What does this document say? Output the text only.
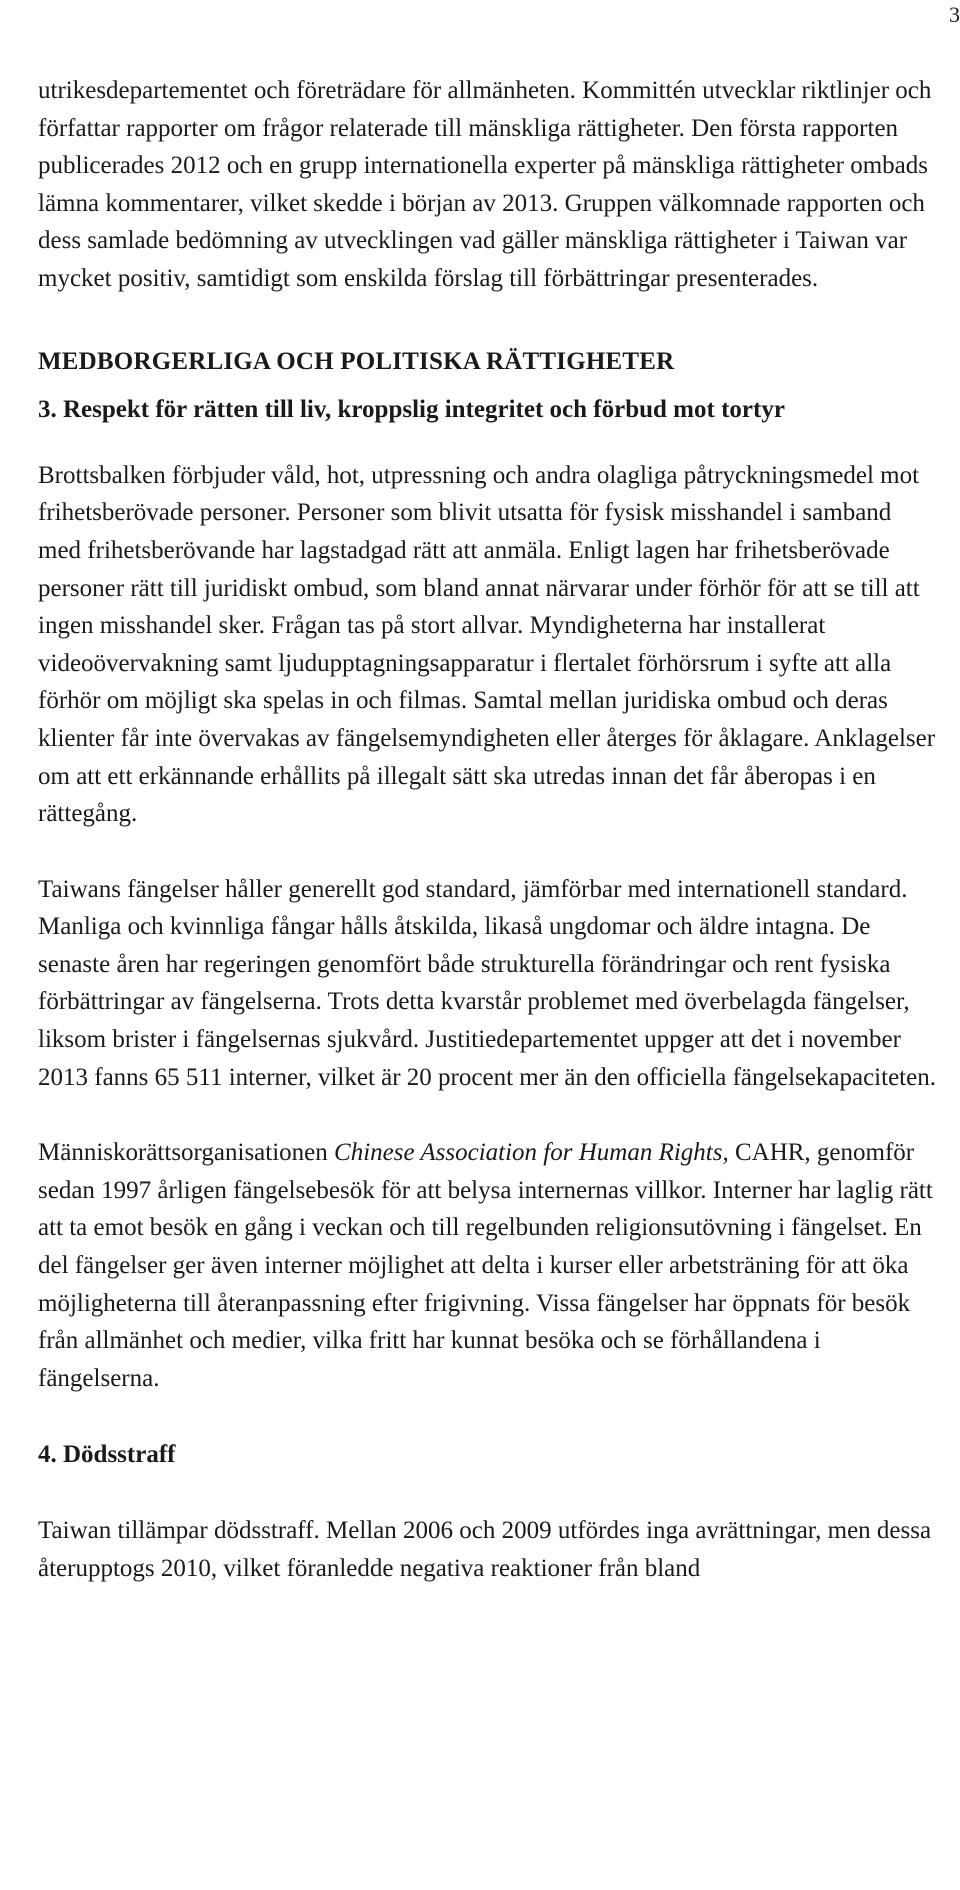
3

utrikesdepartementet och företrädare för allmänheten. Kommittén utvecklar riktlinjer och författar rapporter om frågor relaterade till mänskliga rättigheter. Den första rapporten publicerades 2012 och en grupp internationella experter på mänskliga rättigheter ombads lämna kommentarer, vilket skedde i början av 2013. Gruppen välkomnade rapporten och dess samlade bedömning av utvecklingen vad gäller mänskliga rättigheter i Taiwan var mycket positiv, samtidigt som enskilda förslag till förbättringar presenterades.

MEDBORGERLIGA OCH POLITISKA RÄTTIGHETER
3. Respekt för rätten till liv, kroppslig integritet och förbud mot tortyr

Brottsbalken förbjuder våld, hot, utpressning och andra olagliga påtryckningsmedel mot frihetsberövade personer. Personer som blivit utsatta för fysisk misshandel i samband med frihetsberövande har lagstadgad rätt att anmäla. Enligt lagen har frihetsberövade personer rätt till juridiskt ombud, som bland annat närvarar under förhör för att se till att ingen misshandel sker. Frågan tas på stort allvar. Myndigheterna har installerat videoövervakning samt ljudupptagningsapparatur i flertalet förhörsrum i syfte att alla förhör om möjligt ska spelas in och filmas. Samtal mellan juridiska ombud och deras klienter får inte övervakas av fängelsemyndigheten eller återges för åklagare. Anklagelser om att ett erkännande erhållits på illegalt sätt ska utredas innan det får åberopas i en rättegång.

Taiwans fängelser håller generellt god standard, jämförbar med internationell standard. Manliga och kvinnliga fångar hålls åtskilda, likaså ungdomar och äldre intagna. De senaste åren har regeringen genomfört både strukturella förändringar och rent fysiska förbättringar av fängelserna. Trots detta kvarstår problemet med överbelagda fängelser, liksom brister i fängelsernas sjukvård. Justitiedepartementet uppger att det i november 2013 fanns 65 511 interner, vilket är 20 procent mer än den officiella fängelsekapaciteten.

Människorättsorganisationen Chinese Association for Human Rights, CAHR, genomför sedan 1997 årligen fängelsebesök för att belysa internernas villkor. Interner har laglig rätt att ta emot besök en gång i veckan och till regelbunden religionsutövning i fängelset. En del fängelser ger även interner möjlighet att delta i kurser eller arbetsträning för att öka möjligheterna till återanpassning efter frigivning. Vissa fängelser har öppnats för besök från allmänhet och medier, vilka fritt har kunnat besöka och se förhållandena i fängelserna.

4. Dödsstraff

Taiwan tillämpar dödsstraff. Mellan 2006 och 2009 utfördes inga avrättningar, men dessa återupptogs 2010, vilket föranledde negativa reaktioner från bland
